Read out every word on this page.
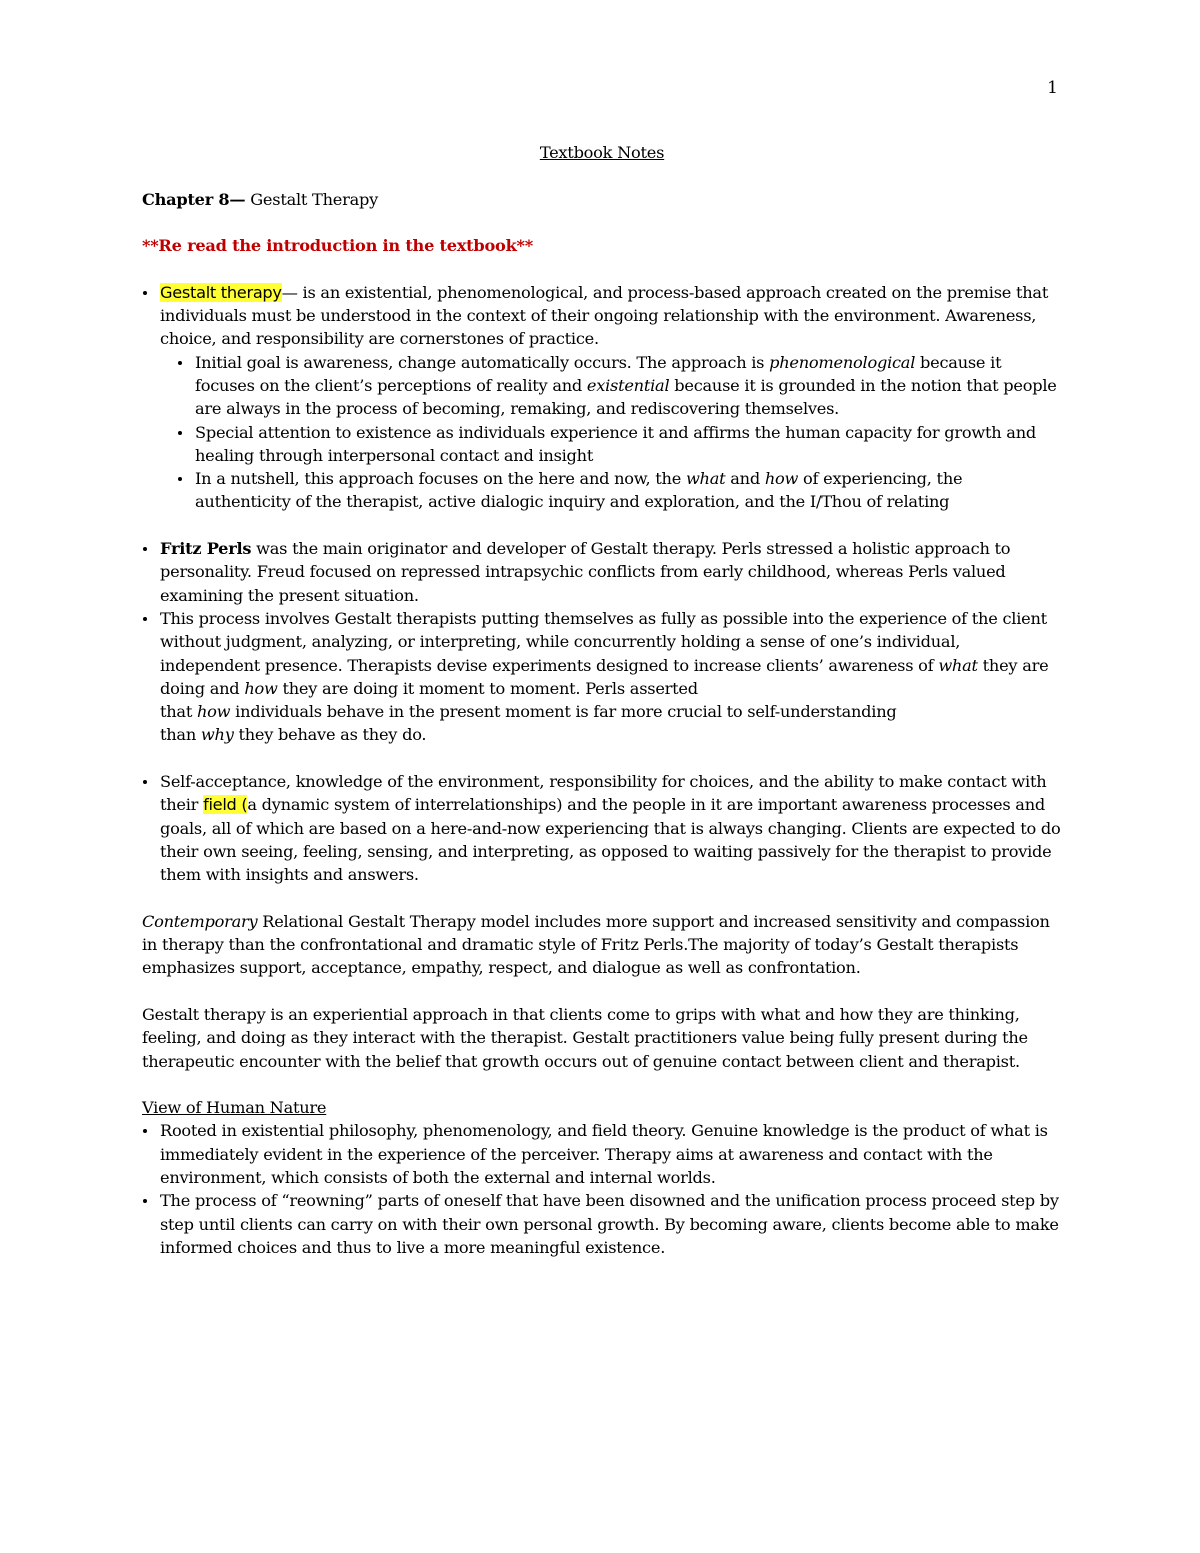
1

Textbook Notes

Chapter 8— Gestalt Therapy

**Re read the introduction in the textbook**

Gestalt therapy— is an existential, phenomenological, and process-based approach created on the premise that individuals must be understood in the context of their ongoing relationship with the environment. Awareness, choice, and responsibility are cornerstones of practice.
Initial goal is awareness, change automatically occurs. The approach is phenomenological because it focuses on the client’s perceptions of reality and existential because it is grounded in the notion that people are always in the process of becoming, remaking, and rediscovering themselves.
Special attention to existence as individuals experience it and affirms the human capacity for growth and healing through interpersonal contact and insight
In a nutshell, this approach focuses on the here and now, the what and how of experiencing, the authenticity of the therapist, active dialogic inquiry and exploration, and the I/Thou of relating
Fritz Perls was the main originator and developer of Gestalt therapy. Perls stressed a holistic approach to personality. Freud focused on repressed intrapsychic conflicts from early childhood, whereas Perls valued examining the present situation.
This process involves Gestalt therapists putting themselves as fully as possible into the experience of the client without judgment, analyzing, or interpreting, while concurrently holding a sense of one’s individual, independent presence. Therapists devise experiments designed to increase clients’ awareness of what they are doing and how they are doing it moment to moment. Perls asserted
that how individuals behave in the present moment is far more crucial to self-understanding
than why they behave as they do.
Self-acceptance, knowledge of the environment, responsibility for choices, and the ability to make contact with their field (a dynamic system of interrelationships) and the people in it are important awareness processes and goals, all of which are based on a here-and-now experiencing that is always changing. Clients are expected to do their own seeing, feeling, sensing, and interpreting, as opposed to waiting passively for the therapist to provide them with insights and answers.

Contemporary Relational Gestalt Therapy model includes more support and increased sensitivity and compassion in therapy than the confrontational and dramatic style of Fritz Perls.The majority of today’s Gestalt therapists emphasizes support, acceptance, empathy, respect, and dialogue as well as confrontation.

Gestalt therapy is an experiential approach in that clients come to grips with what and how they are thinking, feeling, and doing as they interact with the therapist. Gestalt practitioners value being fully present during the therapeutic encounter with the belief that growth occurs out of genuine contact between client and therapist.

View of Human Nature

Rooted in existential philosophy, phenomenology, and field theory. Genuine knowledge is the product of what is immediately evident in the experience of the perceiver. Therapy aims at awareness and contact with the environment, which consists of both the external and internal worlds.
The process of “reowning” parts of oneself that have been disowned and the unification process proceed step by step until clients can carry on with their own personal growth. By becoming aware, clients become able to make informed choices and thus to live a more meaningful existence.
